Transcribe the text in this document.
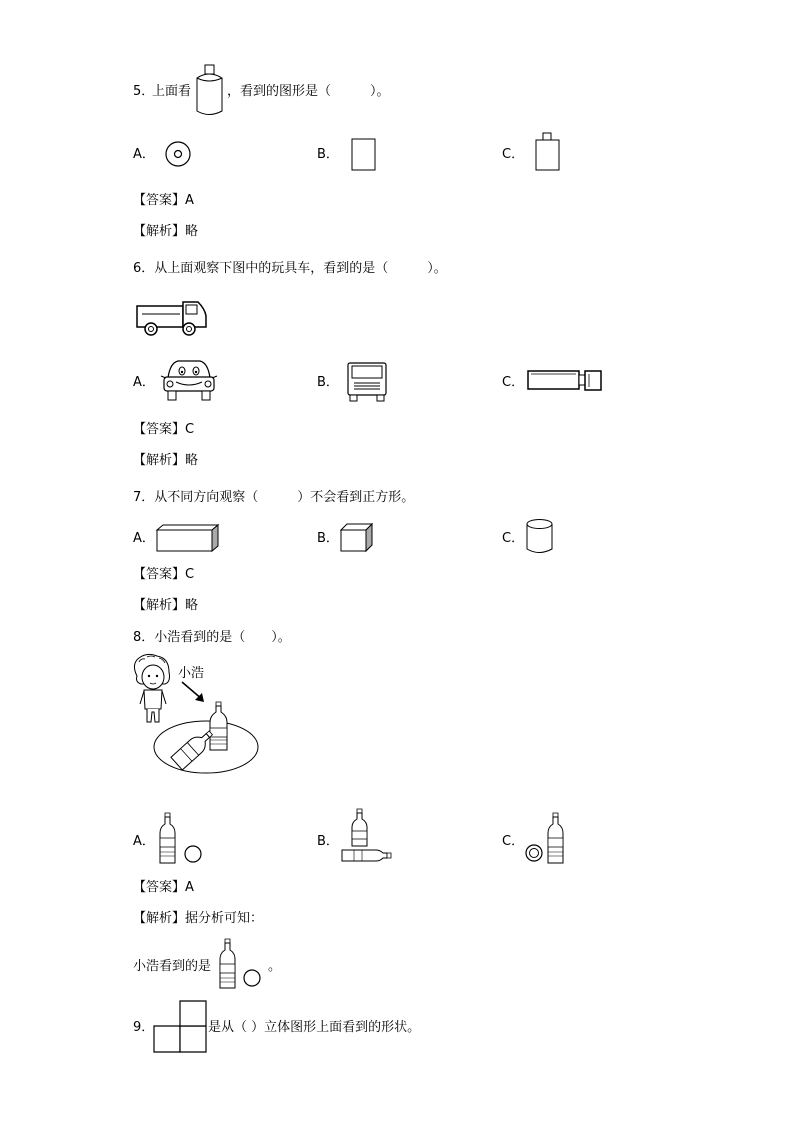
5．
上面看	，看到的图形是（　　　）。
A．	B．	C．
【答案】A
【解析】略
6．从上面观察下图中的玩具车，看到的是（　　　）。
A．	B．	C．
【答案】C
【解析】略
7．从不同方向观察（　　　）不会看到正方形。
A．	B．	C．
【答案】C
【解析】略
8．小浩看到的是（　　）。
小浩
A．	B．	C．
【答案】A
【解析】据分析可知：
小浩看到的是	。
9．	是从（ ）立体图形上面看到的形状。
